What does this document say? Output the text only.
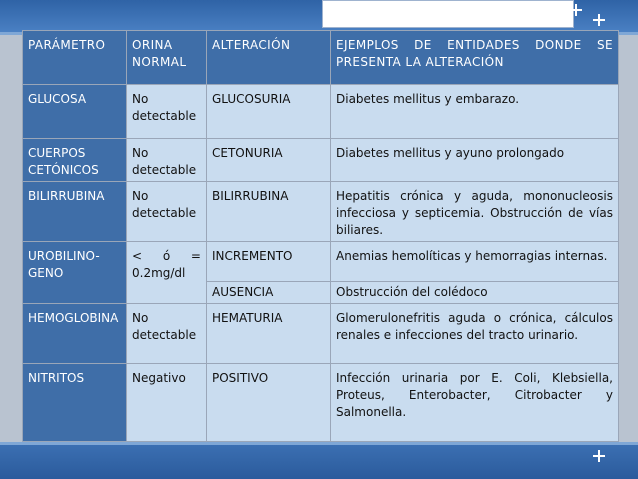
PARÁMETRO	ORINA NORMAL	ALTERACIÓN	EJEMPLOS DE ENTIDADES DONDE SE PRESENTA LA ALTERACIÓN
GLUCOSA	No detectable	GLUCOSURIA	Diabetes mellitus y embarazo.
CUERPOS CETÓNICOS	No detectable	CETONURIA	Diabetes mellitus y ayuno prolongado
BILIRRUBINA	No detectable	BILIRRUBINA	Hepatitis crónica y aguda, mononucleosis infecciosa y septicemia. Obstrucción de vías biliares.
UROBILINO-GENO	< ó = 0.2mg/dl	INCREMENTO	Anemias hemolíticas y hemorragias internas.
		AUSENCIA	Obstrucción del colédoco
HEMOGLOBINA	No detectable	HEMATURIA	Glomerulonefritis aguda o crónica, cálculos renales e infecciones del tracto urinario.
NITRITOS	Negativo	POSITIVO	Infección urinaria por E. Coli, Klebsiella, Proteus, Enterobacter, Citrobacter y Salmonella.
